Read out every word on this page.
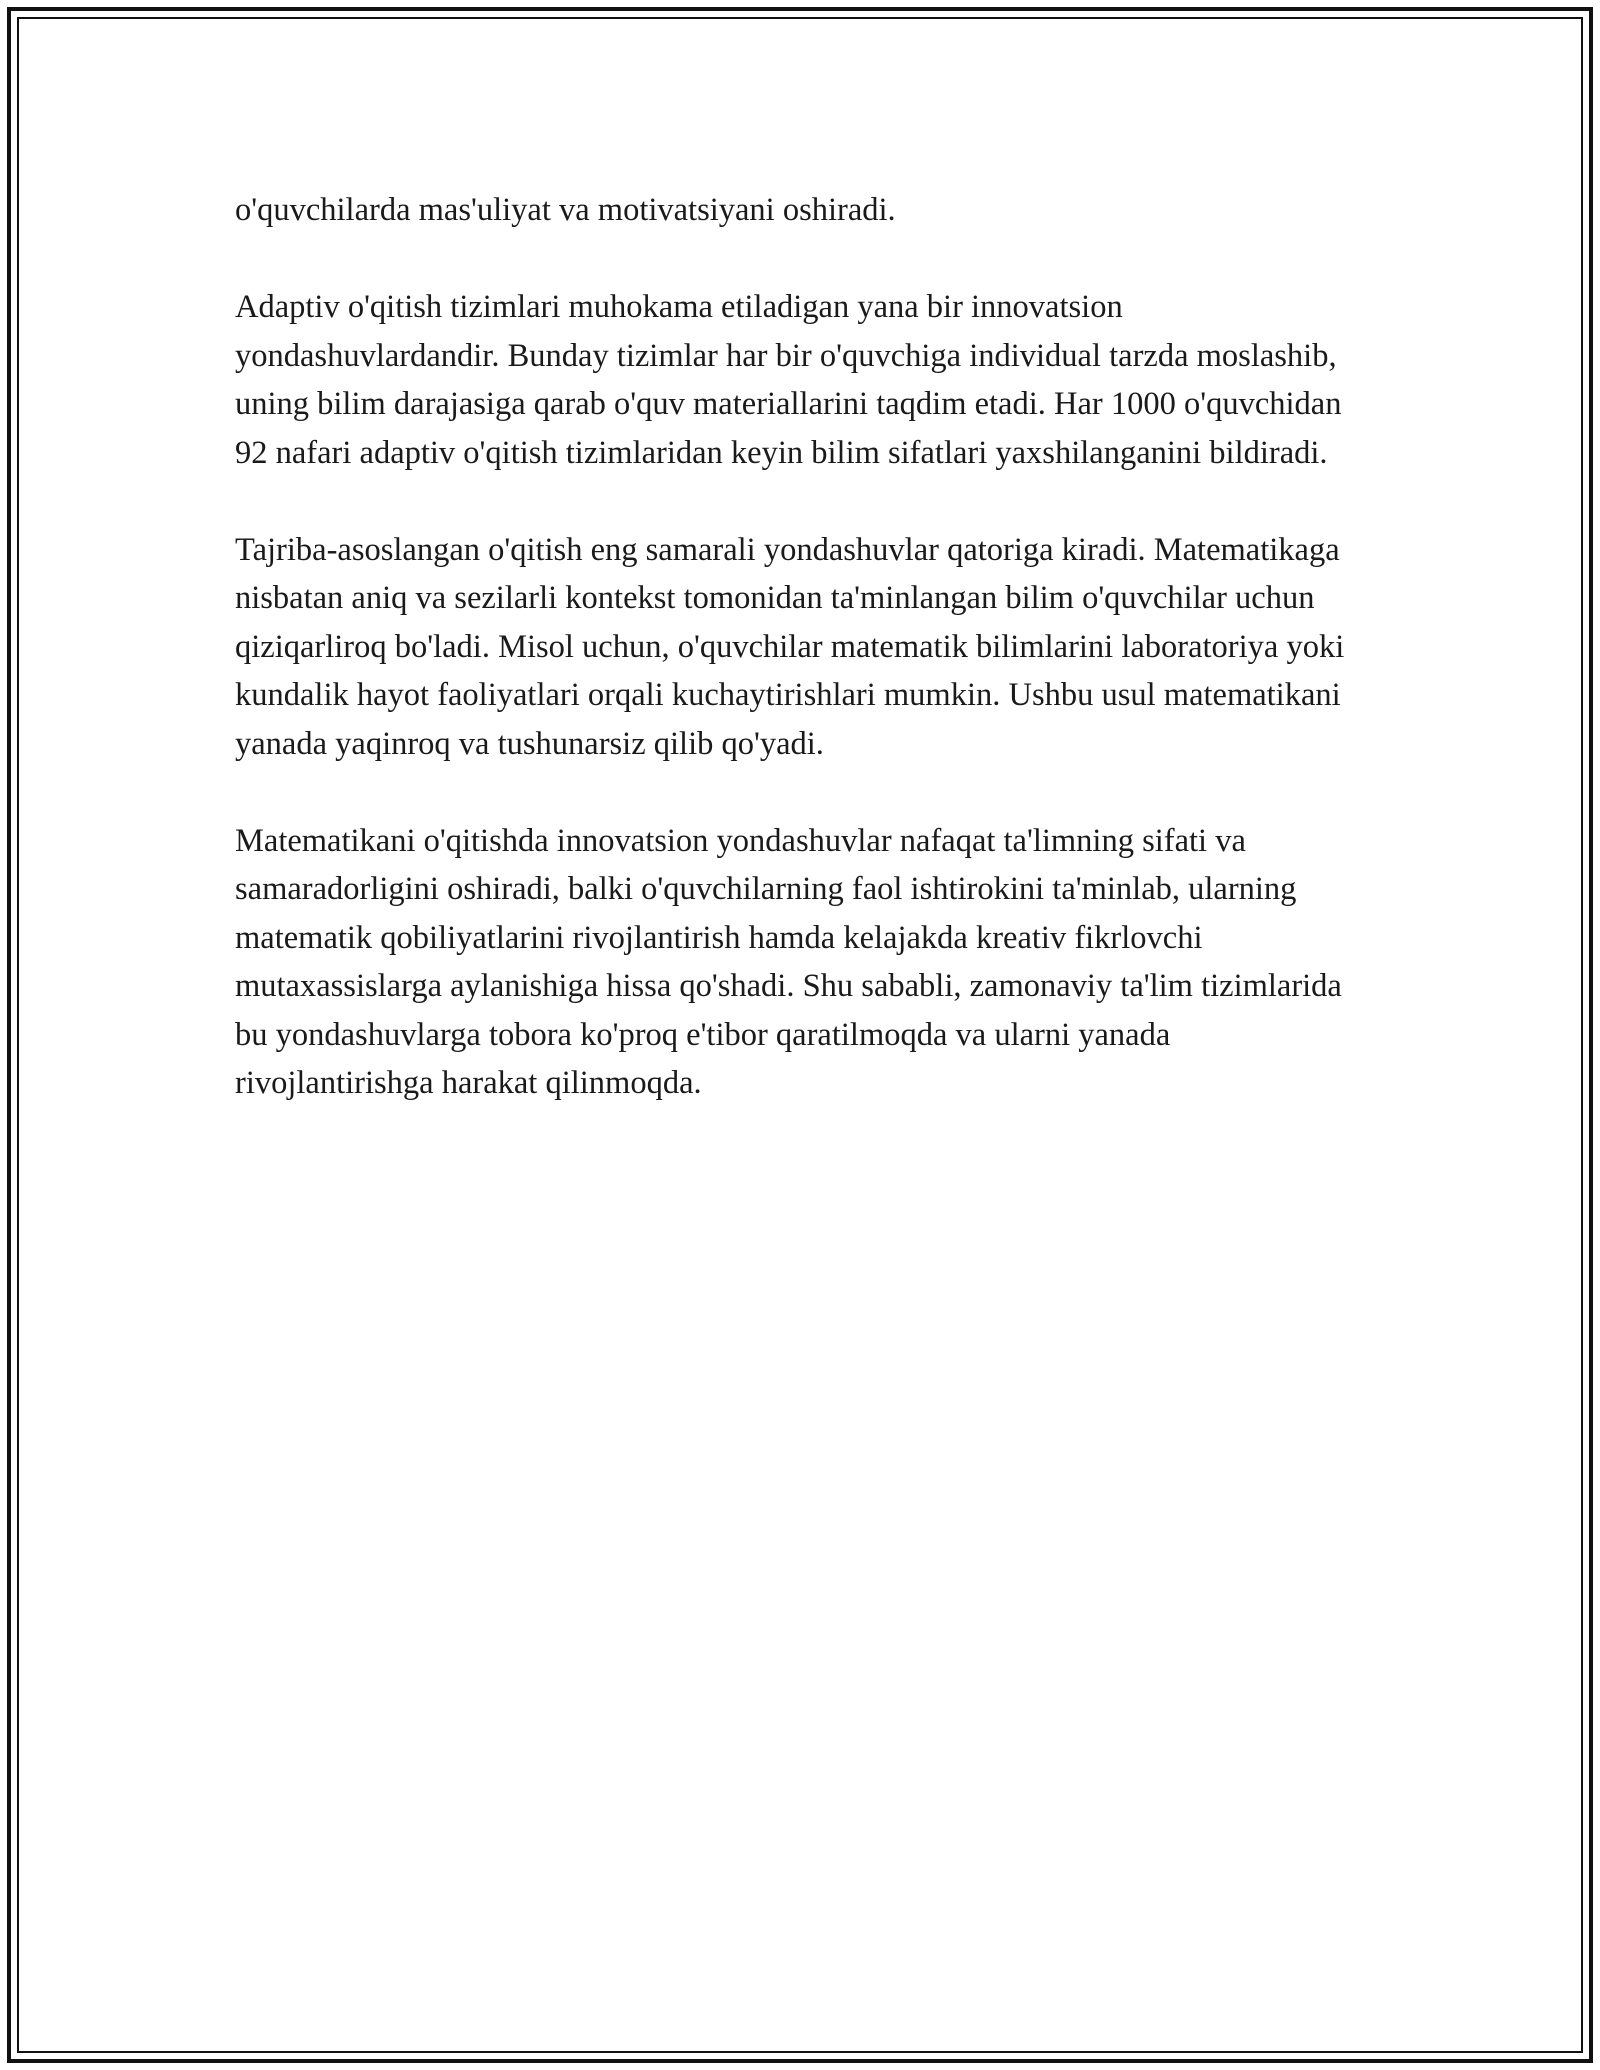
o'quvchilarda mas'uliyat va motivatsiyani oshiradi.

Adaptiv o'qitish tizimlari muhokama etiladigan yana bir innovatsion yondashuvlardandir. Bunday tizimlar har bir o'quvchiga individual tarzda moslashib, uning bilim darajasiga qarab o'quv materiallarini taqdim etadi. Har 1000 o'quvchidan 92 nafari adaptiv o'qitish tizimlaridan keyin bilim sifatlari yaxshilanganini bildiradi.

Tajriba-asoslangan o'qitish eng samarali yondashuvlar qatoriga kiradi. Matematikaga nisbatan aniq va sezilarli kontekst tomonidan ta'minlangan bilim o'quvchilar uchun qiziqarliroq bo'ladi. Misol uchun, o'quvchilar matematik bilimlarini laboratoriya yoki kundalik hayot faoliyatlari orqali kuchaytirishlari mumkin. Ushbu usul matematikani yanada yaqinroq va tushunarsiz qilib qo'yadi.

Matematikani o'qitishda innovatsion yondashuvlar nafaqat ta'limning sifati va samaradorligini oshiradi, balki o'quvchilarning faol ishtirokini ta'minlab, ularning matematik qobiliyatlarini rivojlantirish hamda kelajakda kreativ fikrlovchi mutaxassislarga aylanishiga hissa qo'shadi. Shu sababli, zamonaviy ta'lim tizimlarida bu yondashuvlarga tobora ko'proq e'tibor qaratilmoqda va ularni yanada rivojlantirishga harakat qilinmoqda.
